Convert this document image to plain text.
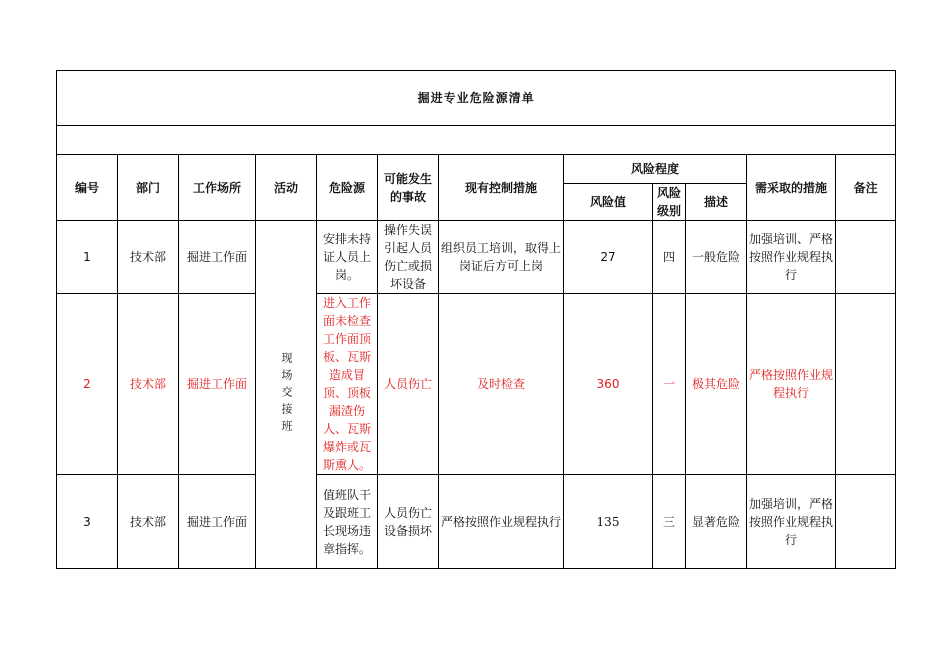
掘进专业危险源清单											

编号	部门	工作场所	活动	危险源	可能发生的事故	现有控制措施	风险程度			需采取的措施	备注
							风险值	风险级别	描述		
1	技术部	掘进工作面	现场交接班	安排未持证人员上岗。	操作失误引起人员伤亡或损坏设备	组织员工培训，取得上岗证后方可上岗	27	四	一般危险	加强培训、严格按照作业规程执行	
2	技术部	掘进工作面		进入工作面未检查工作面顶板、瓦斯造成冒顶、顶板漏渣伤人、瓦斯爆炸或瓦斯熏人。	人员伤亡	及时检查	360	一	极其危险	严格按照作业规程执行	
3	技术部	掘进工作面		值班队干及跟班工长现场违章指挥。	人员伤亡设备损坏	严格按照作业规程执行	135	三	显著危险	加强培训，严格按照作业规程执行	
